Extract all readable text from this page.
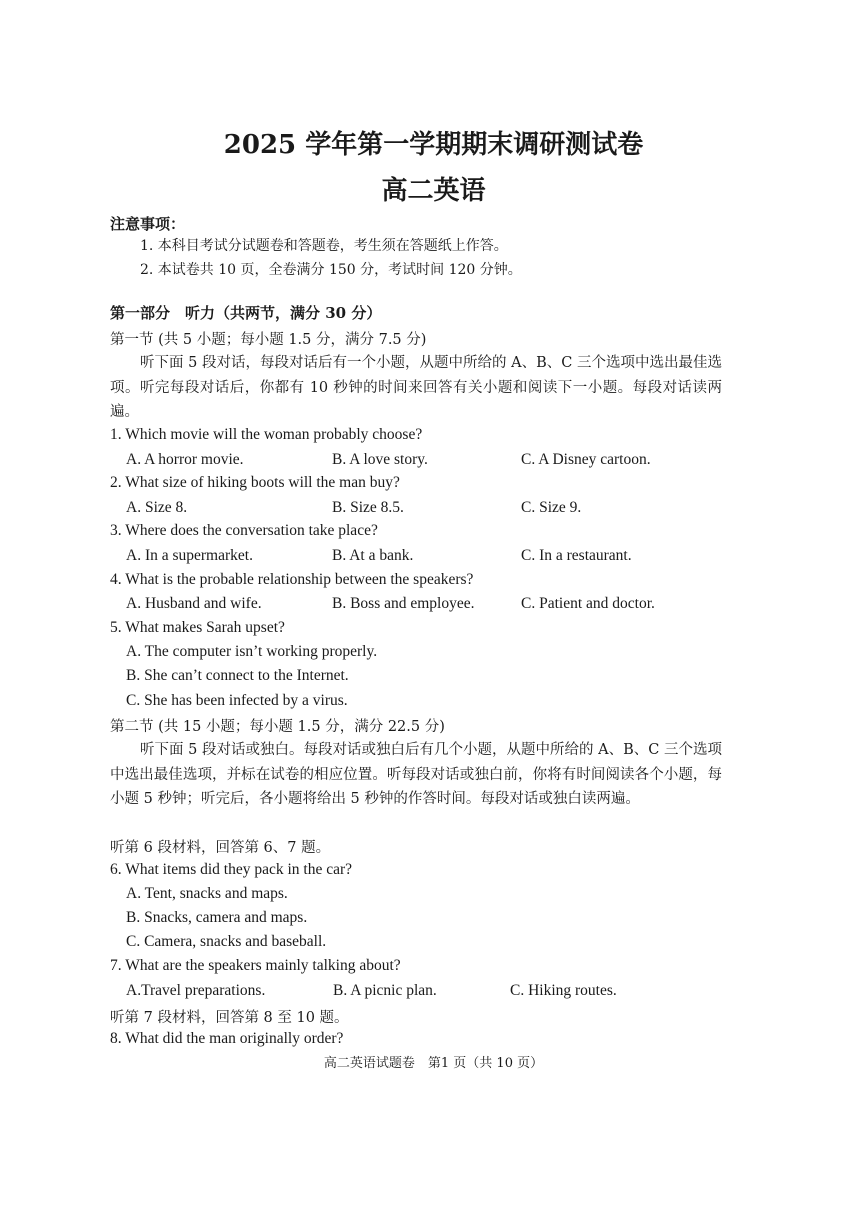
2025 学年第一学期期末调研测试卷
高二英语
注意事项：
1. 本科目考试分试题卷和答题卷，考生须在答题纸上作答。
2. 本试卷共 10 页，全卷满分 150 分，考试时间 120 分钟。
第一部分　听力（共两节，满分 30 分）
第一节 (共 5 小题；每小题 1.5 分，满分 7.5 分)
听下面 5 段对话，每段对话后有一个小题，从题中所给的 A、B、C 三个选项中选出最佳选项。听完每段对话后，你都有 10 秒钟的时间来回答有关小题和阅读下一小题。每段对话读两遍。
1. Which movie will the woman probably choose?
A. A horror movie.	B. A love story.	C. A Disney cartoon.
2. What size of hiking boots will the man buy?
A. Size 8.	B. Size 8.5.	C. Size 9.
3. Where does the conversation take place?
A. In a supermarket.	B. At a bank.	C. In a restaurant.
4. What is the probable relationship between the speakers?
A. Husband and wife.	B. Boss and employee.	C. Patient and doctor.
5. What makes Sarah upset?
A. The computer isn’t working properly.
B. She can’t connect to the Internet.
C. She has been infected by a virus.
第二节 (共 15 小题；每小题 1.5 分，满分 22.5 分)
听下面 5 段对话或独白。每段对话或独白后有几个小题，从题中所给的 A、B、C 三个选项中选出最佳选项，并标在试卷的相应位置。听每段对话或独白前，你将有时间阅读各个小题，每小题 5 秒钟；听完后，各小题将给出 5 秒钟的作答时间。每段对话或独白读两遍。
听第 6 段材料，回答第 6、7 题。
6. What items did they pack in the car?
A. Tent, snacks and maps.
B. Snacks, camera and maps.
C. Camera, snacks and baseball.
7. What are the speakers mainly talking about?
A.Travel preparations.	B. A picnic plan.	C. Hiking routes.
听第 7 段材料，回答第 8 至 10 题。
8. What did the man originally order?
高二英语试题卷　第1 页（共 10 页）
